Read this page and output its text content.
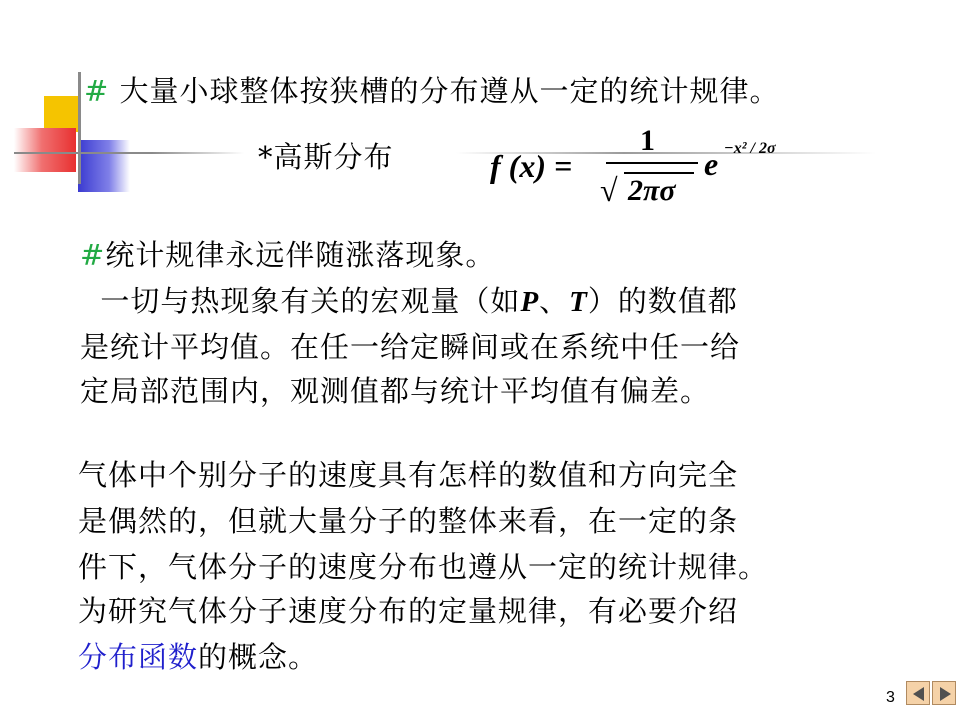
# 大量小球整体按狭槽的分布遵从一定的统计规律。
*高斯分布	f (x) =
1
√ 2πσ
e −x² / 2σ
#统计规律永远伴随涨落现象。
一切与热现象有关的宏观量（如P、T）的数值都
是统计平均值。在任一给定瞬间或在系统中任一给
定局部范围内，观测值都与统计平均值有偏差。
气体中个别分子的速度具有怎样的数值和方向完全
是偶然的，但就大量分子的整体来看，在一定的条
件下，气体分子的速度分布也遵从一定的统计规律。
为研究气体分子速度分布的定量规律，有必要介绍
分布函数的概念。
3
